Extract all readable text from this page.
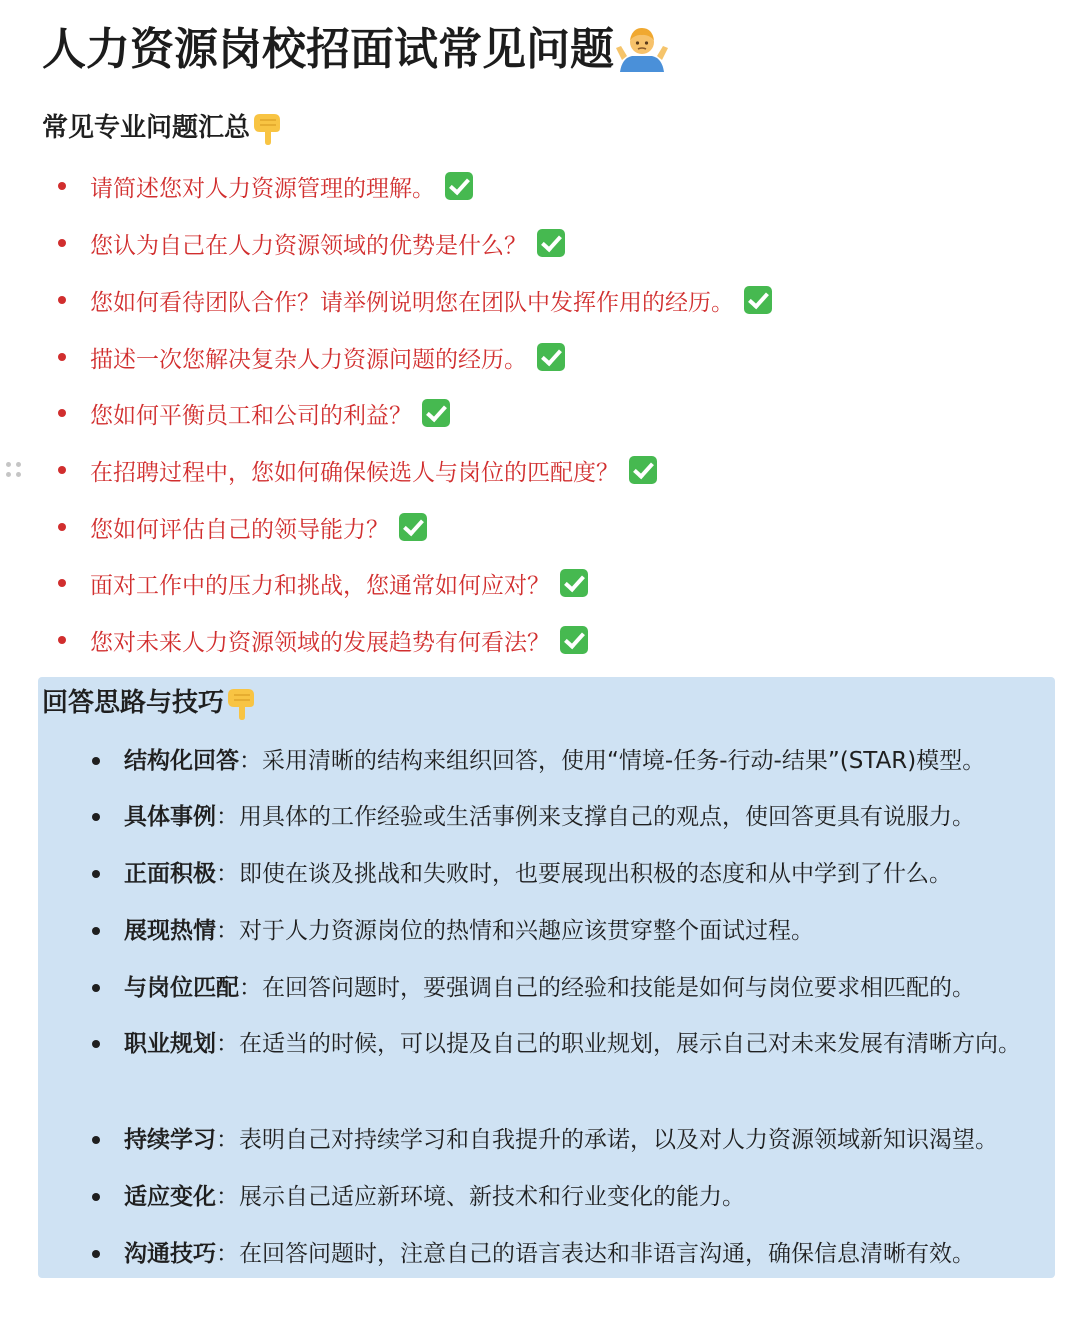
人力资源岗校招面试常见问题
常见专业问题汇总
请简述您对人力资源管理的理解。
您认为自己在人力资源领域的优势是什么？
您如何看待团队合作？请举例说明您在团队中发挥作用的经历。
描述一次您解决复杂人力资源问题的经历。
您如何平衡员工和公司的利益？
在招聘过程中，您如何确保候选人与岗位的匹配度？
您如何评估自己的领导能力？
面对工作中的压力和挑战，您通常如何应对？
您对未来人力资源领域的发展趋势有何看法？
回答思路与技巧
结构化回答：采用清晰的结构来组织回答，使用“情境-任务-行动-结果”(STAR)模型。
具体事例：用具体的工作经验或生活事例来支撑自己的观点，使回答更具有说服力。
正面积极：即使在谈及挑战和失败时，也要展现出积极的态度和从中学到了什么。
展现热情：对于人力资源岗位的热情和兴趣应该贯穿整个面试过程。
与岗位匹配：在回答问题时，要强调自己的经验和技能是如何与岗位要求相匹配的。
职业规划：在适当的时候，可以提及自己的职业规划，展示自己对未来发展有清晰方向。
持续学习：表明自己对持续学习和自我提升的承诺，以及对人力资源领域新知识渴望。
适应变化：展示自己适应新环境、新技术和行业变化的能力。
沟通技巧：在回答问题时，注意自己的语言表达和非语言沟通，确保信息清晰有效。
